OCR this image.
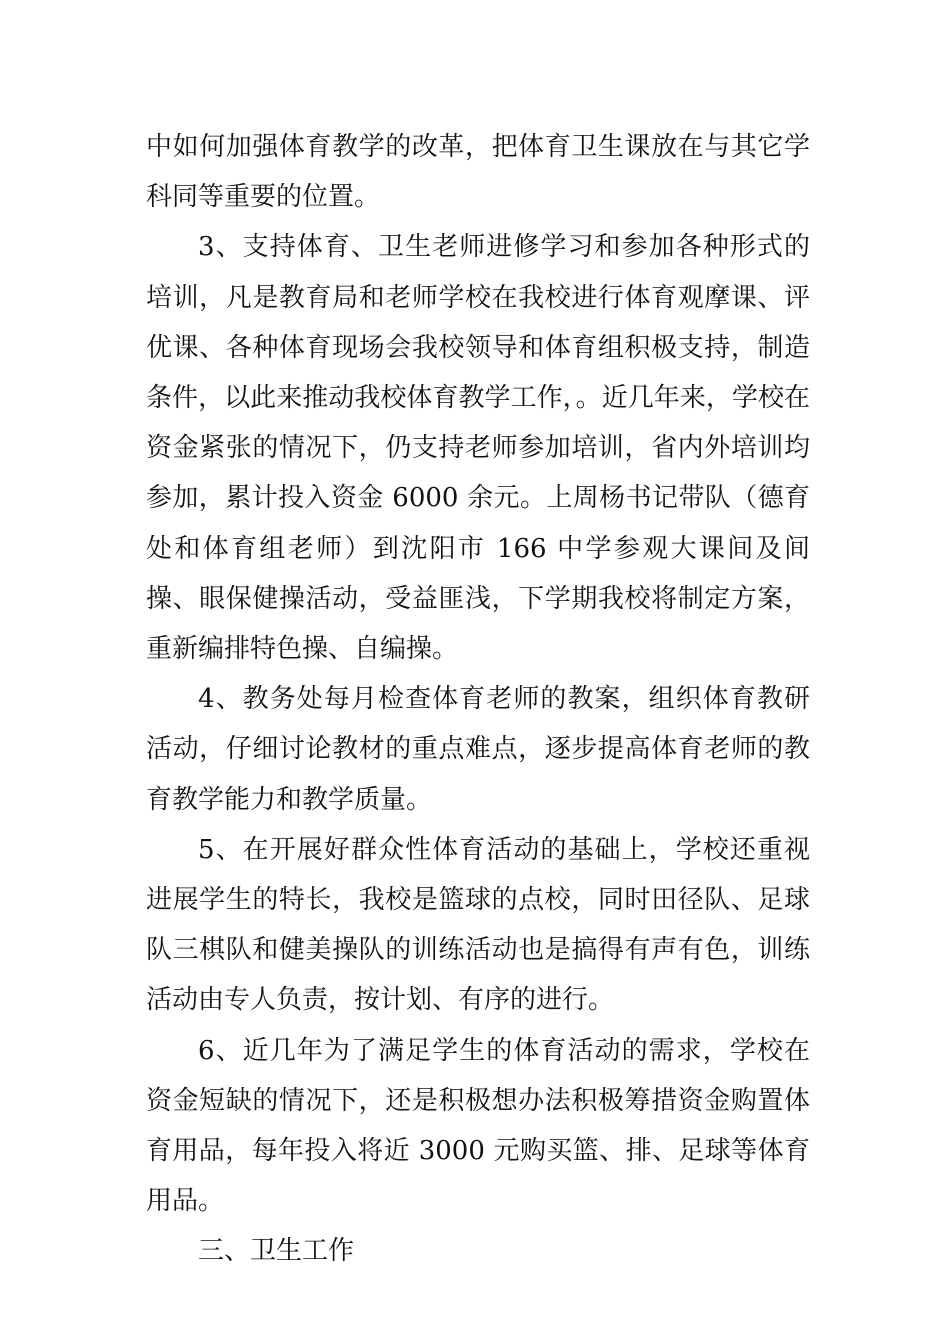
中如何加强体育教学的改革，把体育卫生课放在与其它学科同等重要的位置。

3、支持体育、卫生老师进修学习和参加各种形式的培训，凡是教育局和老师学校在我校进行体育观摩课、评优课、各种体育现场会我校领导和体育组积极支持，制造条件，以此来推动我校体育教学工作，。近几年来，学校在资金紧张的情况下，仍支持老师参加培训，省内外培训均参加，累计投入资金 6000 余元。上周杨书记带队（德育处和体育组老师）到沈阳市 166 中学参观大课间及间操、眼保健操活动，受益匪浅，下学期我校将制定方案，重新编排特色操、自编操。

4、教务处每月检查体育老师的教案，组织体育教研活动，仔细讨论教材的重点难点，逐步提高体育老师的教育教学能力和教学质量。

5、在开展好群众性体育活动的基础上，学校还重视进展学生的特长，我校是篮球的点校，同时田径队、足球队三棋队和健美操队的训练活动也是搞得有声有色，训练活动由专人负责，按计划、有序的进行。

6、近几年为了满足学生的体育活动的需求，学校在资金短缺的情况下，还是积极想办法积极筹措资金购置体育用品，每年投入将近 3000 元购买篮、排、足球等体育用品。

三、卫生工作
